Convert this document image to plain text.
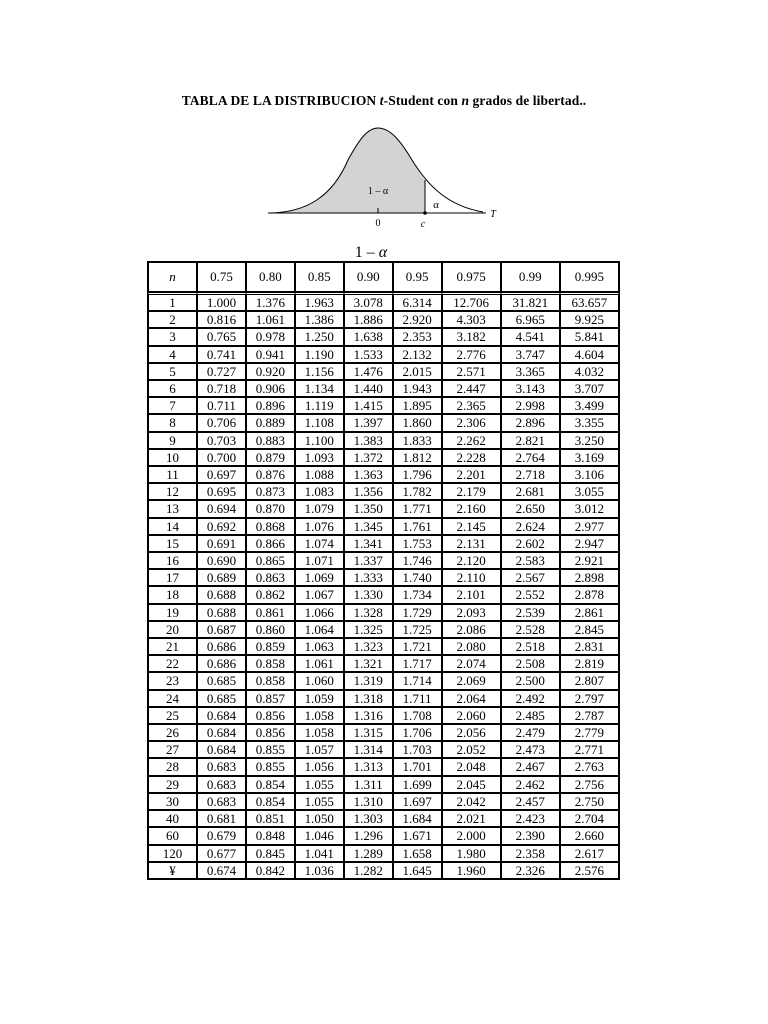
TABLA DE LA DISTRIBUCION t-Student con n grados de libertad..
1 – α
α
0	c
T
1 – α
n	0.75	0.80	0.85	0.90	0.95	0.975	0.99	0.995
1	1.000	1.376	1.963	3.078	6.314	12.706	31.821	63.657
2	0.816	1.061	1.386	1.886	2.920	4.303	6.965	9.925
3	0.765	0.978	1.250	1.638	2.353	3.182	4.541	5.841
4	0.741	0.941	1.190	1.533	2.132	2.776	3.747	4.604
5	0.727	0.920	1.156	1.476	2.015	2.571	3.365	4.032
6	0.718	0.906	1.134	1.440	1.943	2.447	3.143	3.707
7	0.711	0.896	1.119	1.415	1.895	2.365	2.998	3.499
8	0.706	0.889	1.108	1.397	1.860	2.306	2.896	3.355
9	0.703	0.883	1.100	1.383	1.833	2.262	2.821	3.250
10	0.700	0.879	1.093	1.372	1.812	2.228	2.764	3.169
11	0.697	0.876	1.088	1.363	1.796	2.201	2.718	3.106
12	0.695	0.873	1.083	1.356	1.782	2.179	2.681	3.055
13	0.694	0.870	1.079	1.350	1.771	2.160	2.650	3.012
14	0.692	0.868	1.076	1.345	1.761	2.145	2.624	2.977
15	0.691	0.866	1.074	1.341	1.753	2.131	2.602	2.947
16	0.690	0.865	1.071	1.337	1.746	2.120	2.583	2.921
17	0.689	0.863	1.069	1.333	1.740	2.110	2.567	2.898
18	0.688	0.862	1.067	1.330	1.734	2.101	2.552	2.878
19	0.688	0.861	1.066	1.328	1.729	2.093	2.539	2.861
20	0.687	0.860	1.064	1.325	1.725	2.086	2.528	2.845
21	0.686	0.859	1.063	1.323	1.721	2.080	2.518	2.831
22	0.686	0.858	1.061	1.321	1.717	2.074	2.508	2.819
23	0.685	0.858	1.060	1.319	1.714	2.069	2.500	2.807
24	0.685	0.857	1.059	1.318	1.711	2.064	2.492	2.797
25	0.684	0.856	1.058	1.316	1.708	2.060	2.485	2.787
26	0.684	0.856	1.058	1.315	1.706	2.056	2.479	2.779
27	0.684	0.855	1.057	1.314	1.703	2.052	2.473	2.771
28	0.683	0.855	1.056	1.313	1.701	2.048	2.467	2.763
29	0.683	0.854	1.055	1.311	1.699	2.045	2.462	2.756
30	0.683	0.854	1.055	1.310	1.697	2.042	2.457	2.750
40	0.681	0.851	1.050	1.303	1.684	2.021	2.423	2.704
60	0.679	0.848	1.046	1.296	1.671	2.000	2.390	2.660
120	0.677	0.845	1.041	1.289	1.658	1.980	2.358	2.617
¥	0.674	0.842	1.036	1.282	1.645	1.960	2.326	2.576
